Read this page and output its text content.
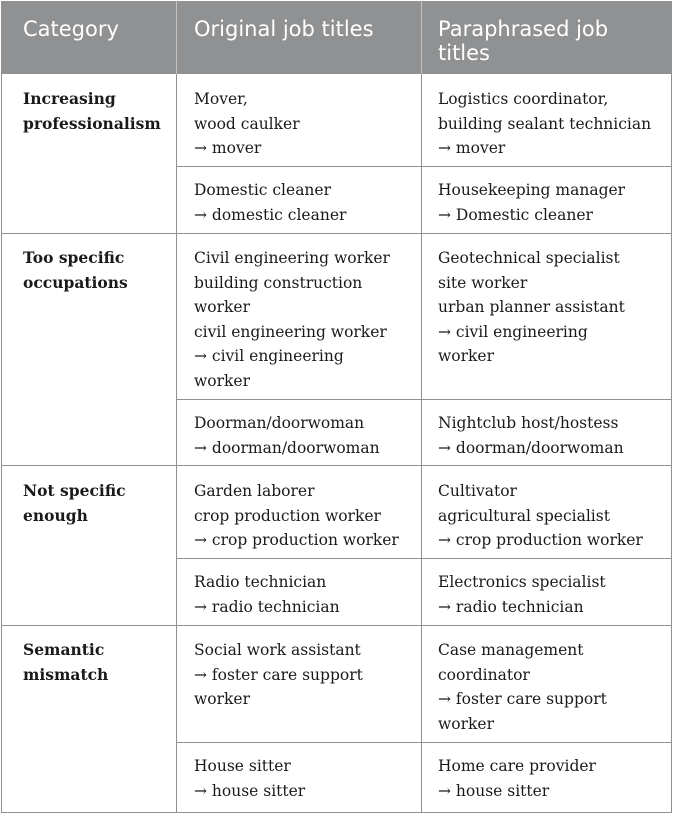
Category	Original job titles	Paraphrased job
titles
Increasing
professionalism
Mover,
wood caulker
→ mover
Logistics coordinator,
building sealant technician
→ mover
Domestic cleaner
→ domestic cleaner
Housekeeping manager
→ Domestic cleaner
Too specific
occupations
Civil engineering worker
building construction
worker
civil engineering worker
→ civil engineering
worker
Geotechnical specialist
site worker
urban planner assistant
→ civil engineering
worker
Doorman/doorwoman
→ doorman/doorwoman
Nightclub host/hostess
→ doorman/doorwoman
Not specific
enough
Garden laborer
crop production worker
→ crop production worker
Cultivator
agricultural specialist
→ crop production worker
Radio technician
→ radio technician
Electronics specialist
→ radio technician
Semantic
mismatch
Social work assistant
→ foster care support
worker
Case management
coordinator
→ foster care support
worker
House sitter
→ house sitter
Home care provider
→ house sitter
